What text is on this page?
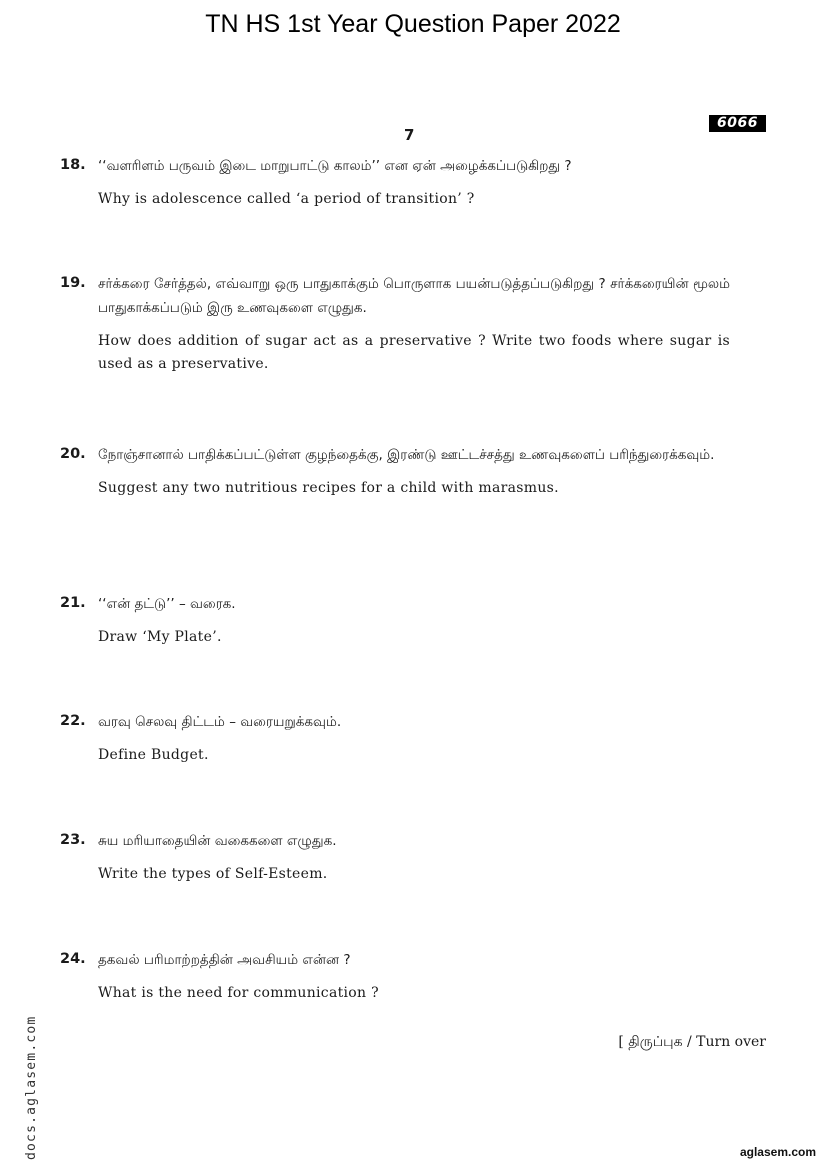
TN HS 1st Year Question Paper 2022
7
6066
18. ‘‘வளரிளம் பருவம் இடை மாறுபாட்டு காலம்’’ என ஏன் அழைக்கப்படுகிறது ?
Why is adolescence called ‘a period of transition’ ?
19. சர்க்கரை சேர்த்தல், எவ்வாறு ஒரு பாதுகாக்கும் பொருளாக பயன்படுத்தப்படுகிறது ? சர்க்கரையின் மூலம் பாதுகாக்கப்படும் இரு உணவுகளை எழுதுக.
How does addition of sugar act as a preservative ? Write two foods where sugar is used as a preservative.
20. நோஞ்சானால் பாதிக்கப்பட்டுள்ள குழந்தைக்கு, இரண்டு ஊட்டச்சத்து உணவுகளைப் பரிந்துரைக்கவும்.
Suggest any two nutritious recipes for a child with marasmus.
21. ‘‘என் தட்டு’’ – வரைக.
Draw ‘My Plate’.
22. வரவு செலவு திட்டம் – வரையறுக்கவும்.
Define Budget.
23. சுய மரியாதையின் வகைகளை எழுதுக.
Write the types of Self-Esteem.
24. தகவல் பரிமாற்றத்தின் அவசியம் என்ன ?
What is the need for communication ?
[ திருப்புக / Turn over
docs.aglasem.com	aglasem.com
